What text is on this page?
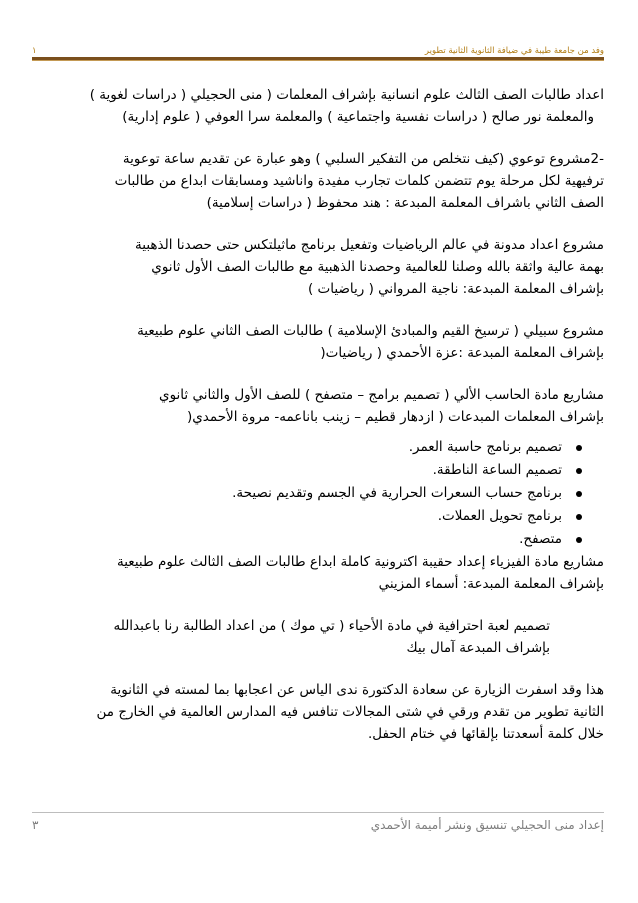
وفد من جامعة طيبة في ضيافة الثانوية الثانية تطوير
١
اعداد طالبات الصف الثالث علوم انسانية بإشراف المعلمات ( منى الحجيلي ( دراسات لغوية )
والمعلمة نور صالح ( دراسات نفسية واجتماعية ) والمعلمة سرا العوفي ( علوم إدارية)
-2مشروع توعوي (كيف نتخلص من التفكير السلبي ) وهو عبارة عن تقديم ساعة توعوية
ترفيهية لكل مرحلة يوم تتضمن كلمات تجارب مفيدة واناشيد ومسابقات ابداع من طالبات
الصف الثاني باشراف المعلمة المبدعة : هند محفوظ ( دراسات إسلامية)
مشروع اعداد مدونة في عالم الرياضيات وتفعيل برنامج ماثيلتكس حتى حصدنا الذهبية
بهمة عالية واثقة بالله وصلنا للعالمية وحصدنا الذهبية مع طالبات الصف الأول ثانوي
بإشراف المعلمة المبدعة: ناجية المرواني ( رياضيات )
مشروع سبيلي ( ترسيخ القيم والمبادئ الإسلامية ) طالبات الصف الثاني علوم طبيعية
بإشراف المعلمة المبدعة :عزة الأحمدي ( رياضيات(
مشاريع مادة الحاسب الألي ( تصميم برامج – متصفح ) للصف الأول والثاني ثانوي
بإشراف المعلمات المبدعات ( ازدهار قطيم – زينب باناعمه- مروة الأحمدي(
تصميم برنامج حاسبة العمر.
تصميم الساعة الناطقة.
برنامج حساب السعرات الحرارية في الجسم وتقديم نصيحة.
برنامج تحويل العملات.
متصفح.
مشاريع مادة الفيزياء إعداد حقيبة اكترونية كاملة ابداع طالبات الصف الثالث علوم طبيعية
بإشراف المعلمة المبدعة: أسماء المزيني
تصميم لعبة احترافية في مادة الأحياء ( تي موك ) من اعداد الطالبة رنا باعبدالله
بإشراف المبدعة آمال بيك
هذا وقد اسفرت الزيارة عن سعادة الدكتورة ندى الياس عن اعجابها بما لمسته في الثانوية
الثانية تطوير من تقدم ورقي في شتى المجالات تنافس فيه المدارس العالمية في الخارج من
خلال كلمة أسعدتنا بإلقائها في ختام الحفل.
إعداد منى الحجيلي تنسيق ونشر أميمة الأحمدي
٣
